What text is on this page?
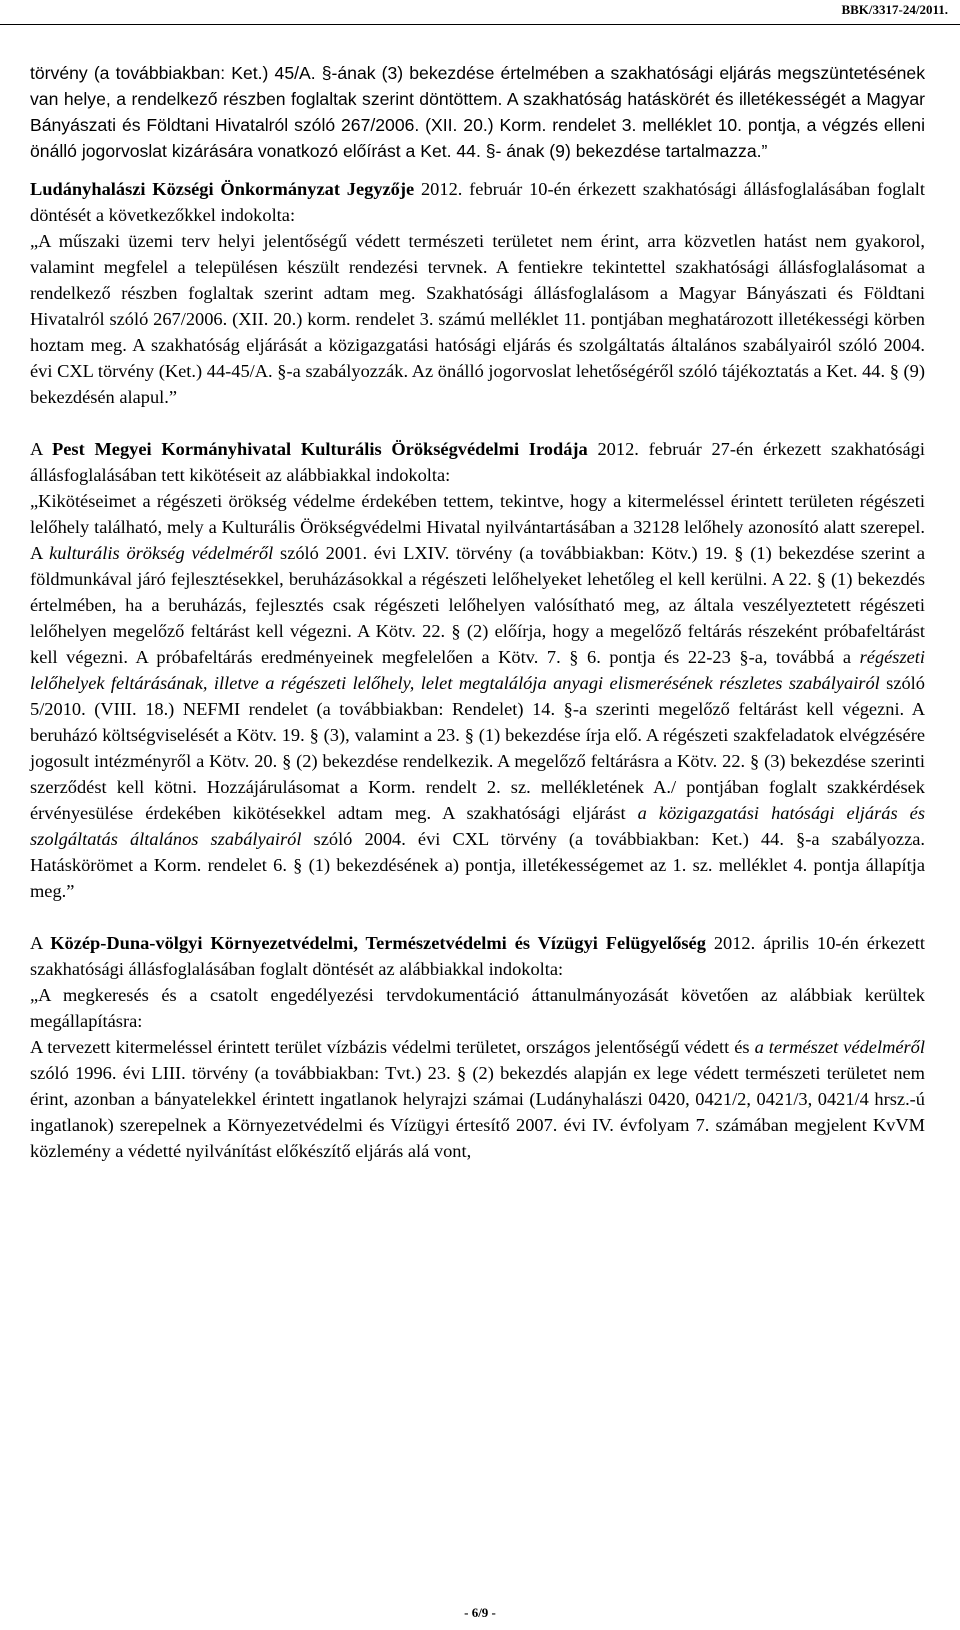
BBK/3317-24/2011.

törvény (a továbbiakban: Ket.) 45/A. §-ának (3) bekezdése értelmében a szakhatósági eljárás megszüntetésének van helye, a rendelkező részben foglaltak szerint döntöttem. A szakhatóság hatáskörét és illetékességét a Magyar Bányászati és Földtani Hivatalról szóló 267/2006. (XII. 20.) Korm. rendelet 3. melléklet 10. pontja, a végzés elleni önálló jogorvoslat kizárására vonatkozó előírást a Ket. 44. §- ának (9) bekezdése tartalmazza.”

Ludányhalászi Községi Önkormányzat Jegyzője 2012. február 10-én érkezett szakhatósági állásfoglalásában foglalt döntését a következőkkel indokolta:

„A műszaki üzemi terv helyi jelentőségű védett természeti területet nem érint, arra közvetlen hatást nem gyakorol, valamint megfelel a településen készült rendezési tervnek. A fentiekre tekintettel szakhatósági állásfoglalásomat a rendelkező részben foglaltak szerint adtam meg. Szakhatósági állásfoglalásom a Magyar Bányászati és Földtani Hivatalról szóló 267/2006. (XII. 20.) korm. rendelet 3. számú melléklet 11. pontjában meghatározott illetékességi körben hoztam meg. A szakhatóság eljárását a közigazgatási hatósági eljárás és szolgáltatás általános szabályairól szóló 2004. évi CXL törvény (Ket.) 44-45/A. §-a szabályozzák. Az önálló jogorvoslat lehetőségéről szóló tájékoztatás a Ket. 44. § (9) bekezdésén alapul.”

A Pest Megyei Kormányhivatal Kulturális Örökségvédelmi Irodája 2012. február 27-én érkezett szakhatósági állásfoglalásában tett kikötéseit az alábbiakkal indokolta:

„Kikötéseimet a régészeti örökség védelme érdekében tettem, tekintve, hogy a kitermeléssel érintett területen régészeti lelőhely található, mely a Kulturális Örökségvédelmi Hivatal nyilvántartásában a 32128 lelőhely azonosító alatt szerepel. A kulturális örökség védelméről szóló 2001. évi LXIV. törvény (a továbbiakban: Kötv.) 19. § (1) bekezdése szerint a földmunkával járó fejlesztésekkel, beruházásokkal a régészeti lelőhelyeket lehetőleg el kell kerülni. A 22. § (1) bekezdés értelmében, ha a beruházás, fejlesztés csak régészeti lelőhelyen valósítható meg, az általa veszélyeztetett régészeti lelőhelyen megelőző feltárást kell végezni. A Kötv. 22. § (2) előírja, hogy a megelőző feltárás részeként próbafeltárást kell végezni. A próbafeltárás eredményeinek megfelelően a Kötv. 7. § 6. pontja és 22-23 §-a, továbbá a régészeti lelőhelyek feltárásának, illetve a régészeti lelőhely, lelet megtalálója anyagi elismerésének részletes szabályairól szóló 5/2010. (VIII. 18.) NEFMI rendelet (a továbbiakban: Rendelet) 14. §-a szerinti megelőző feltárást kell végezni. A beruházó költségviselését a Kötv. 19. § (3), valamint a 23. § (1) bekezdése írja elő. A régészeti szakfeladatok elvégzésére jogosult intézményről a Kötv. 20. § (2) bekezdése rendelkezik. A megelőző feltárásra a Kötv. 22. § (3) bekezdése szerinti szerződést kell kötni. Hozzájárulásomat a Korm. rendelt 2. sz. mellékletének A./ pontjában foglalt szakkérdések érvényesülése érdekében kikötésekkel adtam meg. A szakhatósági eljárást a közigazgatási hatósági eljárás és szolgáltatás általános szabályairól szóló 2004. évi CXL törvény (a továbbiakban: Ket.) 44. §-a szabályozza. Hatáskörömet a Korm. rendelet 6. § (1) bekezdésének a) pontja, illetékességemet az 1. sz. melléklet 4. pontja állapítja meg.”

A Közép-Duna-völgyi Környezetvédelmi, Természetvédelmi és Vízügyi Felügyelőség 2012. április 10-én érkezett szakhatósági állásfoglalásában foglalt döntését az alábbiakkal indokolta:

„A megkeresés és a csatolt engedélyezési tervdokumentáció áttanulmányozását követően az alábbiak kerültek megállapításra:

A tervezett kitermeléssel érintett terület vízbázis védelmi területet, országos jelentőségű védett és a természet védelméről szóló 1996. évi LIII. törvény (a továbbiakban: Tvt.) 23. § (2) bekezdés alapján ex lege védett természeti területet nem érint, azonban a bányatelekkel érintett ingatlanok helyrajzi számai (Ludányhalászi 0420, 0421/2, 0421/3, 0421/4 hrsz.-ú ingatlanok) szerepelnek a Környezetvédelmi és Vízügyi értesítő 2007. évi IV. évfolyam 7. számában megjelent KvVM közlemény a védetté nyilvánítást előkészítő eljárás alá vont,

- 6/9 -
